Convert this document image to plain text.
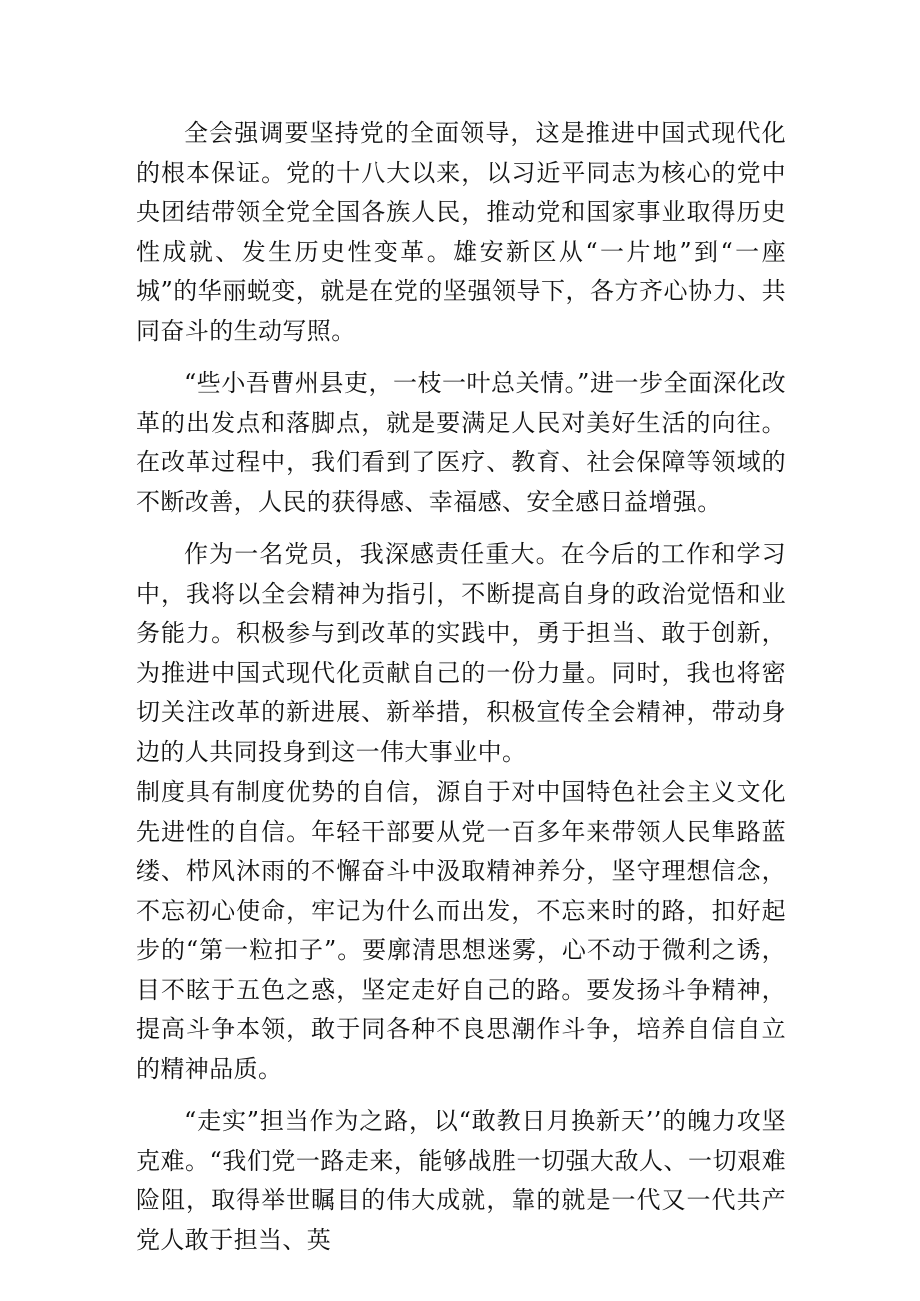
全会强调要坚持党的全面领导，这是推进中国式现代化的根本保证。党的十八大以来，以习近平同志为核心的党中央团结带领全党全国各族人民，推动党和国家事业取得历史性成就、发生历史性变革。雄安新区从“一片地”到“一座城”的华丽蜕变，就是在党的坚强领导下，各方齐心协力、共同奋斗的生动写照。

“些小吾曹州县吏，一枝一叶总关情。”进一步全面深化改革的出发点和落脚点，就是要满足人民对美好生活的向往。在改革过程中，我们看到了医疗、教育、社会保障等领域的不断改善，人民的获得感、幸福感、安全感日益增强。

作为一名党员，我深感责任重大。在今后的工作和学习中，我将以全会精神为指引，不断提高自身的政治觉悟和业务能力。积极参与到改革的实践中，勇于担当、敢于创新，为推进中国式现代化贡献自己的一份力量。同时，我也将密切关注改革的新进展、新举措，积极宣传全会精神，带动身边的人共同投身到这一伟大事业中。

制度具有制度优势的自信，源自于对中国特色社会主义文化先进性的自信。年轻干部要从党一百多年来带领人民隼路蓝缕、栉风沐雨的不懈奋斗中汲取精神养分，坚守理想信念，不忘初心使命，牢记为什么而出发，不忘来时的路，扣好起步的“第一粒扣子”。要廓清思想迷雾，心不动于微利之诱，目不眩于五色之惑，坚定走好自己的路。要发扬斗争精神，提高斗争本领，敢于同各种不良思潮作斗争，培养自信自立的精神品质。

“走实”担当作为之路，以“敢教日月换新天’’的魄力攻坚克难。“我们党一路走来，能够战胜一切强大敌人、一切艰难险阻，取得举世瞩目的伟大成就，靠的就是一代又一代共产党人敢于担当、英
